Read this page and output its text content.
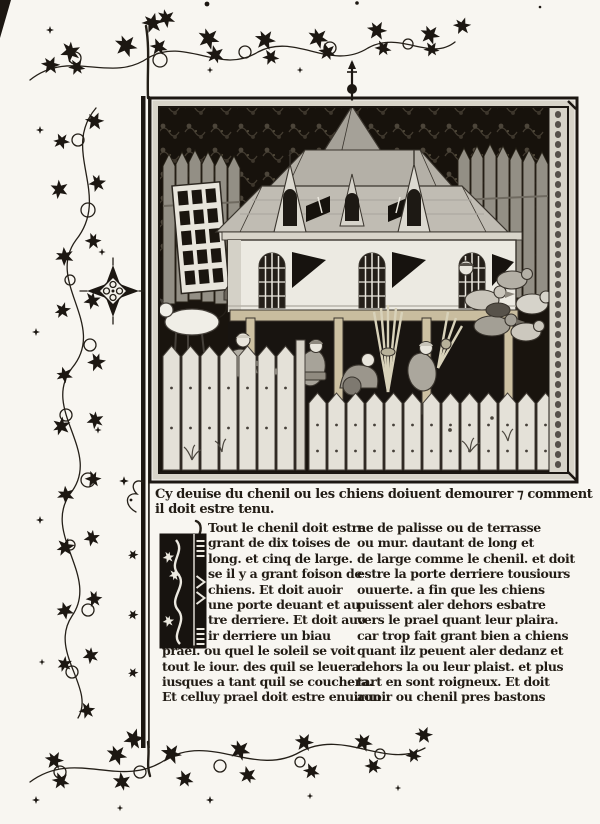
Cy deuise du chenil ou les chiens doiuent demourer ⁊ comment
il doit estre tenu.
Tout le chenil doit estre
grant de dix toises de
long. et cinq de large.
se il y a grant foison de
chiens. Et doit auoir
une porte deuant et au
tre derriere. Et doit auo
ir derriere un biau
prael. ou quel le soleil se voit
tout le iour. des quil se leuera
iusques a tant quil se couchera.
Et celluy prael doit estre enuiron
ne de palisse ou de terrasse
ou mur. dautant de long et
de large comme le chenil. et doit
estre la porte derriere tousiours
ouuerte. a fin que les chiens
puissent aler dehors esbatre
vers le prael quant leur plaira.
car trop fait grant bien a chiens
quant ilz peuent aler dedanz et
dehors la ou leur plaist. et plus
tart en sont roigneux. Et doit
auoir ou chenil pres bastons
